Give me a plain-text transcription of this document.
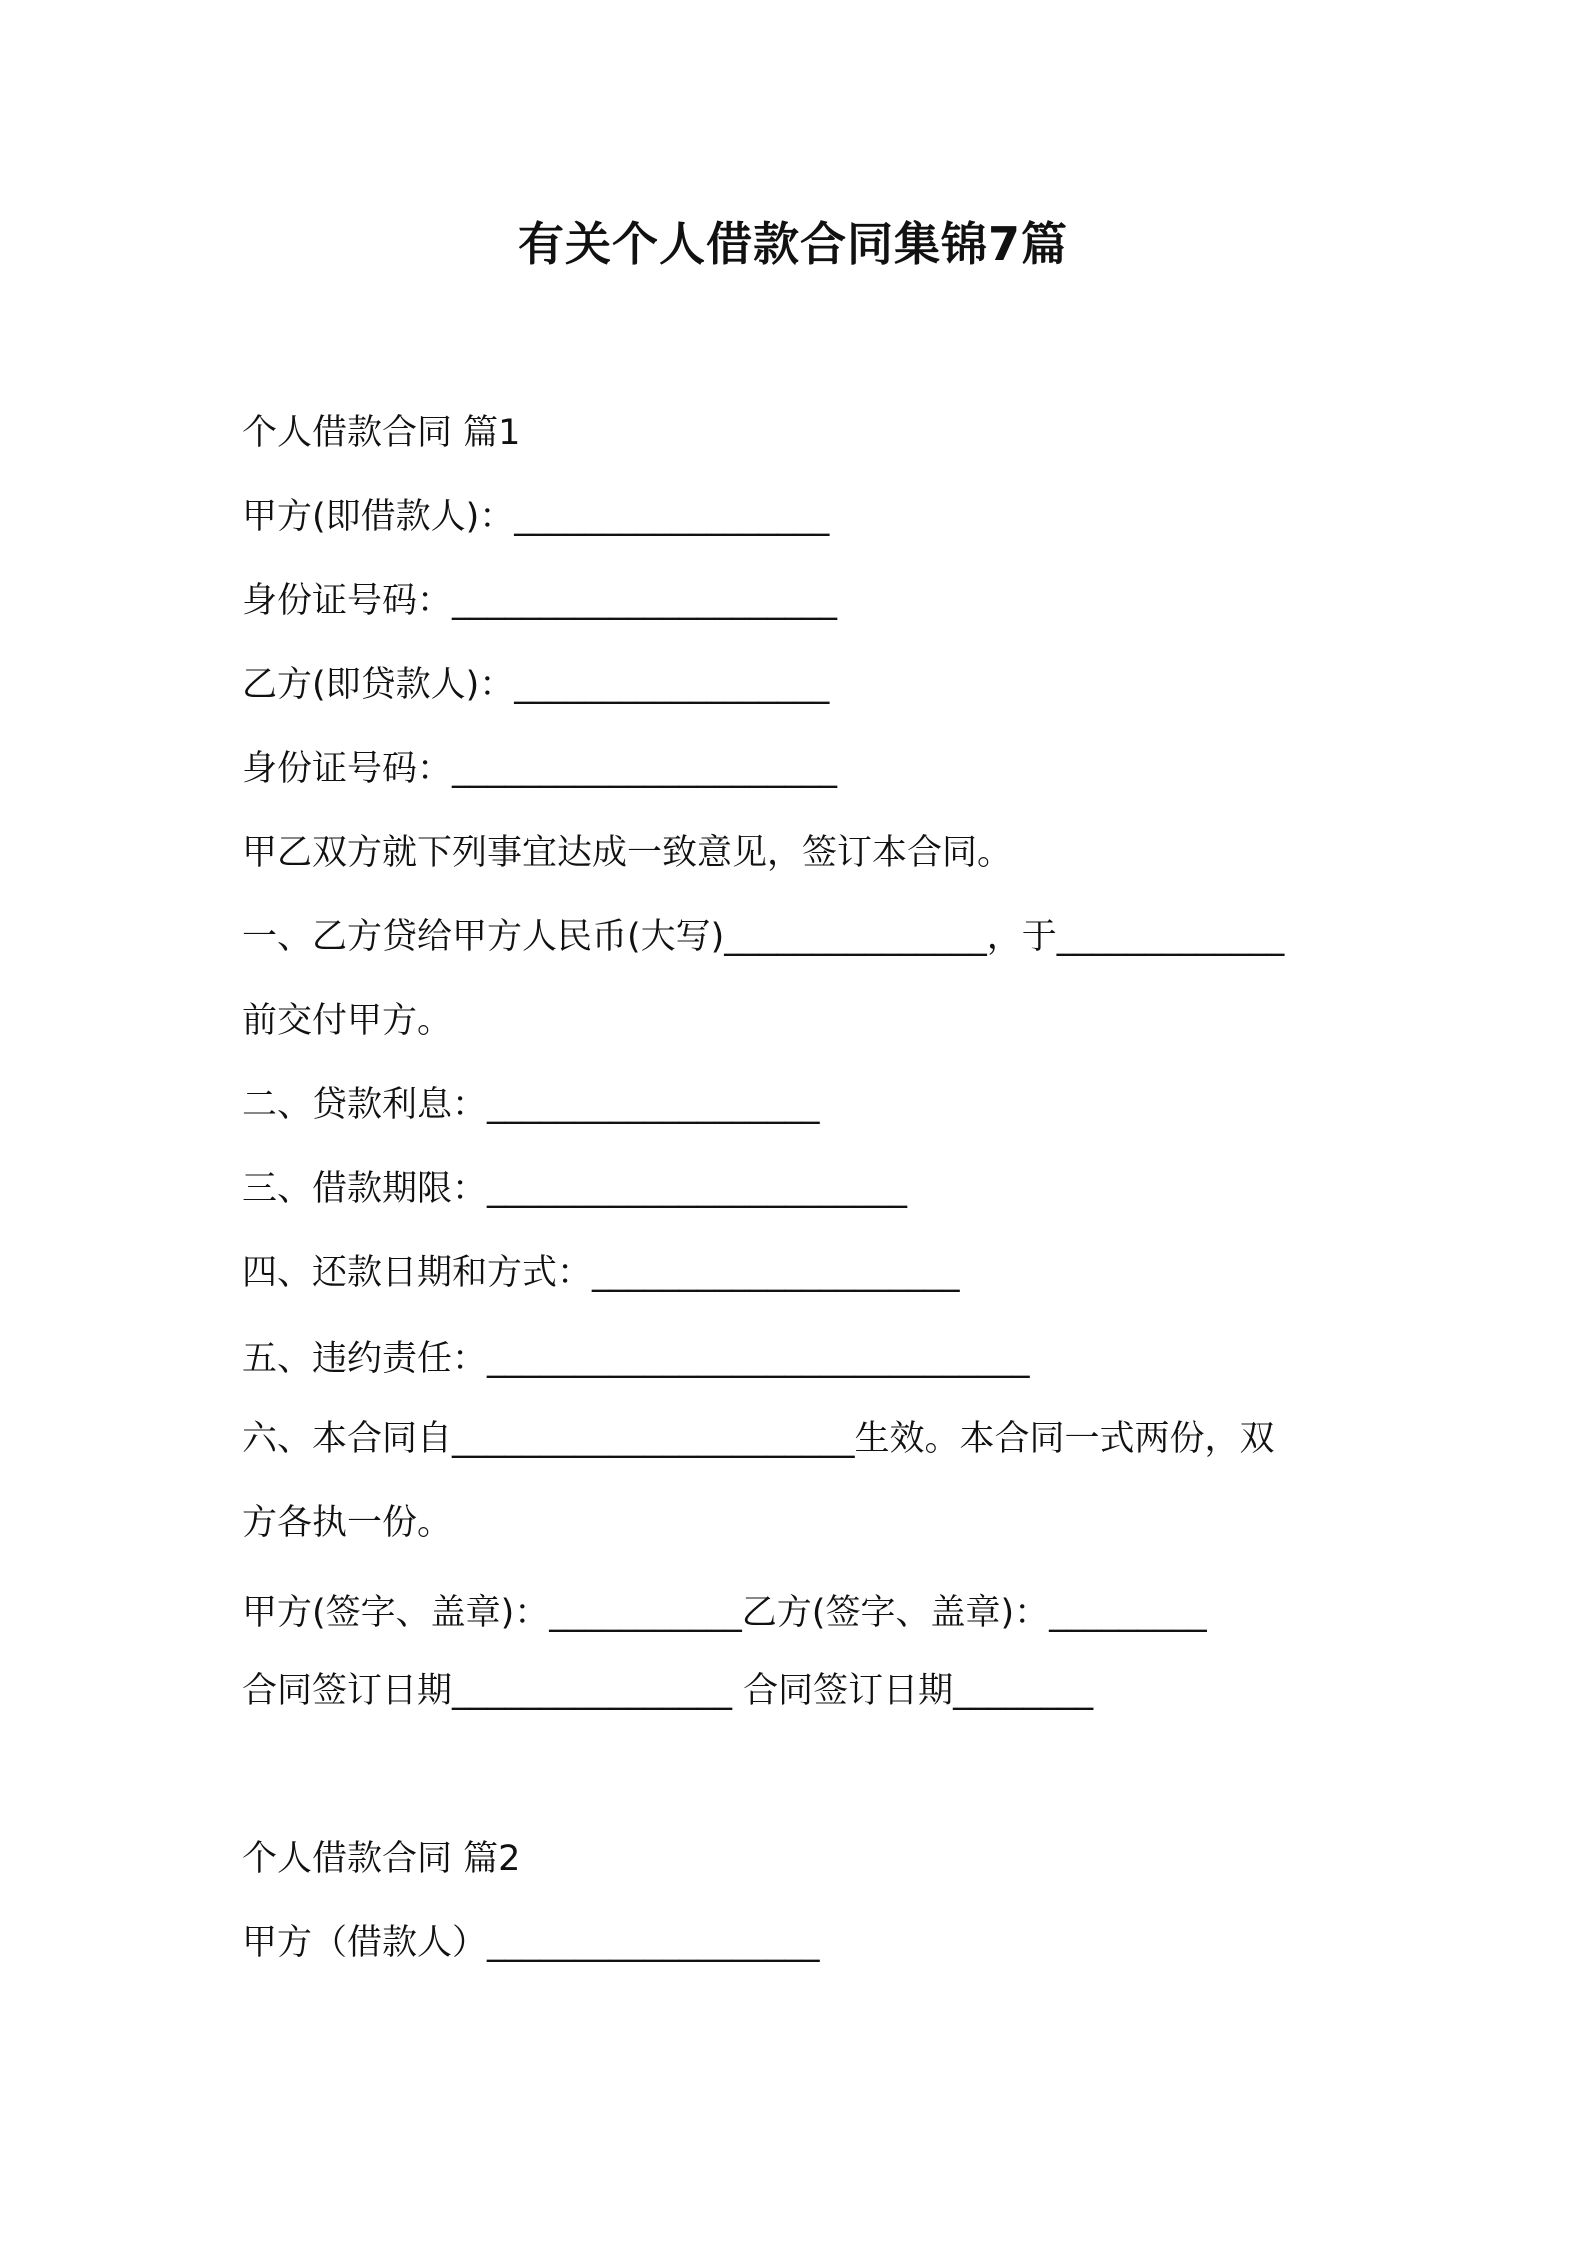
有关个人借款合同集锦7篇
个人借款合同 篇1
甲方(即借款人)：__________________
身份证号码：______________________
乙方(即贷款人)：__________________
身份证号码：______________________
甲乙双方就下列事宜达成一致意见，签订本合同。
一、乙方贷给甲方人民币(大写)_______________，于_____________
前交付甲方。
二、贷款利息：___________________
三、借款期限：________________________
四、还款日期和方式：_____________________
五、违约责任：_______________________________
六、本合同自_______________________生效。本合同一式两份，双
方各执一份。
甲方(签字、盖章)：___________乙方(签字、盖章)：_________
合同签订日期________________ 合同签订日期________
个人借款合同 篇2
甲方（借款人）___________________
